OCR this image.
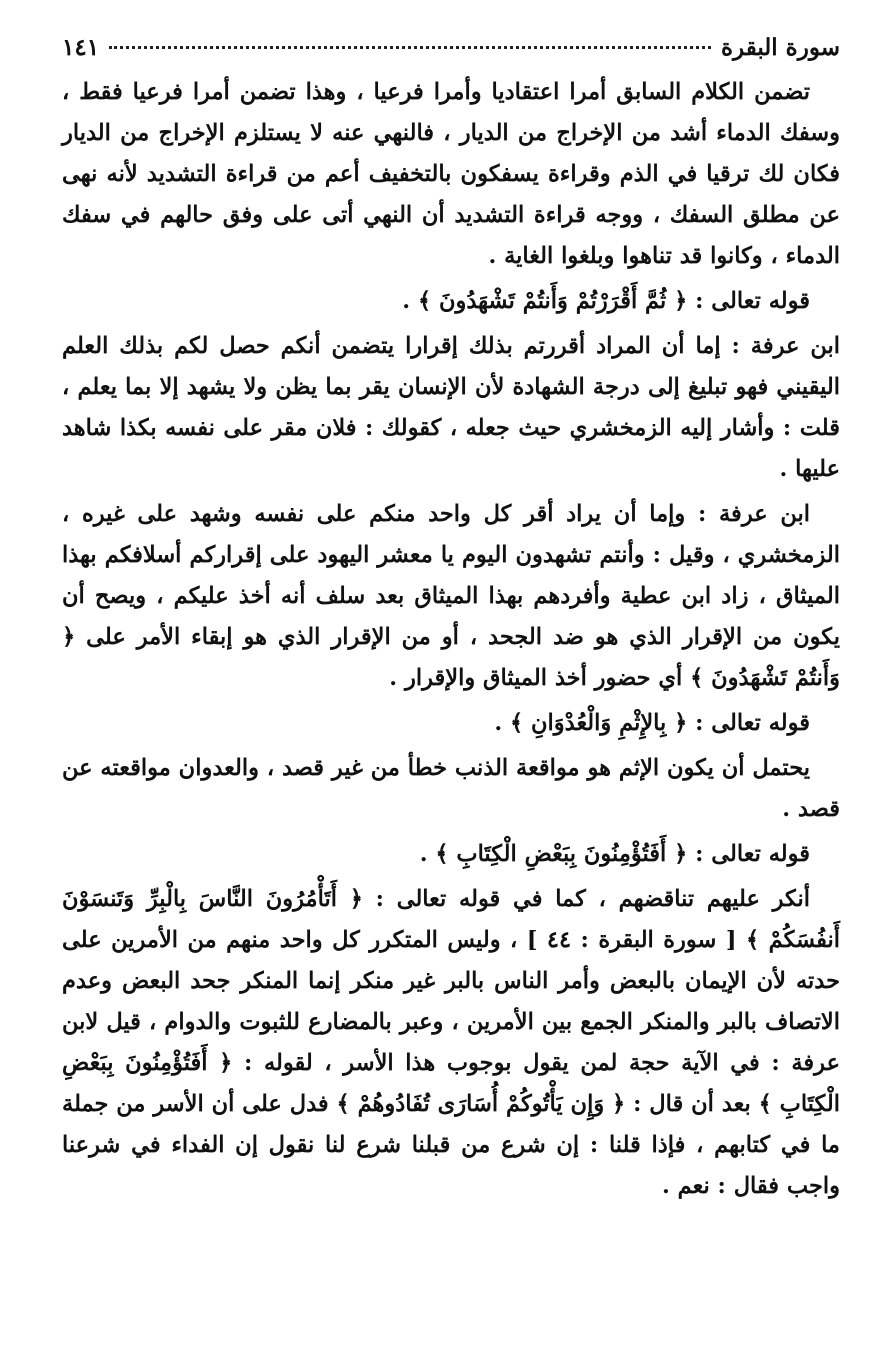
سورة البقرة
١٤١

تضمن الكلام السابق أمرا اعتقاديا وأمرا فرعيا ، وهذا تضمن أمرا فرعيا فقط ، وسفك الدماء أشد من الإخراج من الديار ، فالنهي عنه لا يستلزم الإخراج من الديار فكان لك ترقيا في الذم وقراءة يسفكون بالتخفيف أعم من قراءة التشديد لأنه نهى عن مطلق السفك ، ووجه قراءة التشديد أن النهي أتى على وفق حالهم في سفك الدماء ، وكانوا قد تناهوا وبلغوا الغاية .

قوله تعالى : ﴿ ثُمَّ أَقْرَرْتُمْ وَأَنتُمْ تَشْهَدُونَ ﴾ .

ابن عرفة : إما أن المراد أقررتم بذلك إقرارا يتضمن أنكم حصل لكم بذلك العلم اليقيني فهو تبليغ إلى درجة الشهادة لأن الإنسان يقر بما يظن ولا يشهد إلا بما يعلم ، قلت : وأشار إليه الزمخشري حيث جعله ، كقولك : فلان مقر على نفسه بكذا شاهد عليها .

ابن عرفة : وإما أن يراد أقر كل واحد منكم على نفسه وشهد على غيره ، الزمخشري ، وقيل : وأنتم تشهدون اليوم يا معشر اليهود على إقراركم أسلافكم بهذا الميثاق ، زاد ابن عطية وأفردهم بهذا الميثاق بعد سلف أنه أخذ عليكم ، ويصح أن يكون من الإقرار الذي هو ضد الجحد ، أو من الإقرار الذي هو إبقاء الأمر على ﴿ وَأَنتُمْ تَشْهَدُونَ ﴾ أي حضور أخذ الميثاق والإقرار .

قوله تعالى : ﴿ بِالإِثْمِ وَالْعُدْوَانِ ﴾ .

يحتمل أن يكون الإثم هو مواقعة الذنب خطأ من غير قصد ، والعدوان مواقعته عن قصد .

قوله تعالى : ﴿ أَفَتُؤْمِنُونَ بِبَعْضِ الْكِتَابِ ﴾ .

أنكر عليهم تناقضهم ، كما في قوله تعالى : ﴿ أَتَأْمُرُونَ النَّاسَ بِالْبِرِّ وَتَنسَوْنَ أَنفُسَكُمْ ﴾ [ سورة البقرة : ٤٤ ] ، وليس المتكرر كل واحد منهم من الأمرين على حدته لأن الإيمان بالبعض وأمر الناس بالبر غير منكر إنما المنكر جحد البعض وعدم الاتصاف بالبر والمنكر الجمع بين الأمرين ، وعبر بالمضارع للثبوت والدوام ، قيل لابن عرفة : في الآية حجة لمن يقول بوجوب هذا الأسر ، لقوله : ﴿ أَفَتُؤْمِنُونَ بِبَعْضِ الْكِتَابِ ﴾ بعد أن قال : ﴿ وَإِن يَأْتُوكُمْ أُسَارَى تُفَادُوهُمْ ﴾ فدل على أن الأسر من جملة ما في كتابهم ، فإذا قلنا : إن شرع من قبلنا شرع لنا نقول إن الفداء في شرعنا واجب فقال : نعم .
